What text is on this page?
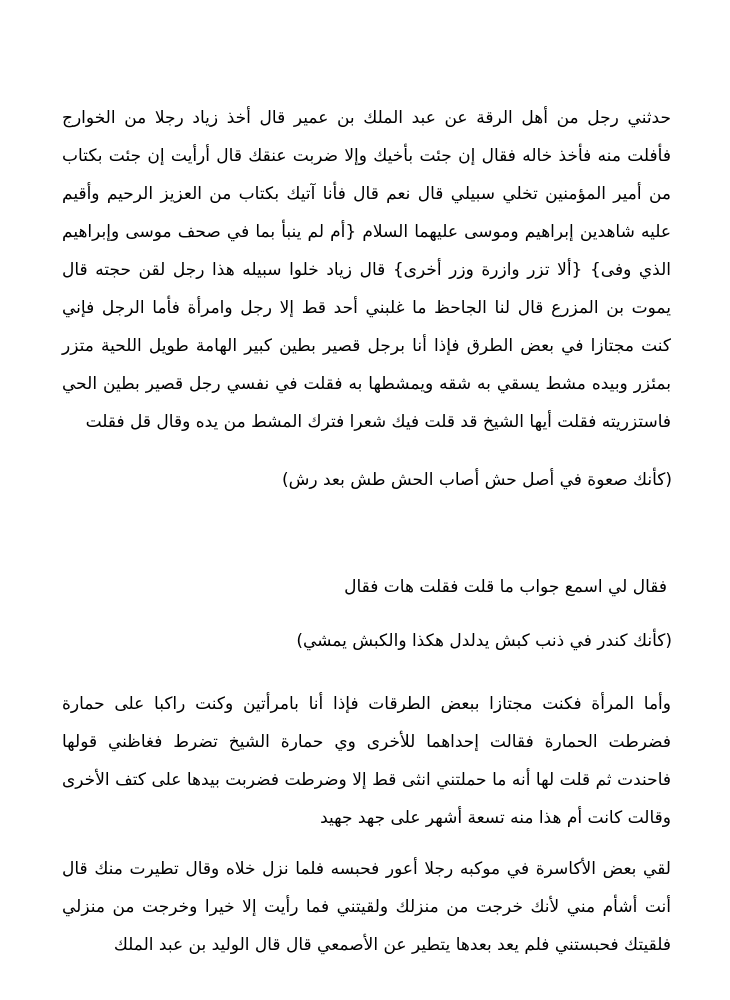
حدثني رجل من أهل الرقة عن عبد الملك بن عمير قال أخذ زياد رجلا من الخوارج فأفلت منه فأخذ خاله فقال إن جئت بأخيك وإلا ضربت عنقك قال أرأيت إن جئت بكتاب من أمير المؤمنين تخلي سبيلي قال نعم قال فأنا آتيك بكتاب من العزيز الرحيم وأقيم عليه شاهدين إبراهيم وموسى عليهما السلام {أم لم ينبأ بما في صحف موسى وإبراهيم الذي وفى} {ألا تزر وازرة وزر أخرى} قال زياد خلوا سبيله هذا رجل لقن حجته قال يموت بن المزرع قال لنا الجاحظ ما غلبني أحد قط إلا رجل وامرأة فأما الرجل فإني كنت مجتازا في بعض الطرق فإذا أنا برجل قصير بطين كبير الهامة طويل اللحية متزر بمئزر وبيده مشط يسقي به شقه ويمشطها به فقلت في نفسي رجل قصير بطين الحي فاستزريته فقلت أيها الشيخ قد قلت فيك شعرا فترك المشط من يده وقال قل فقلت

(كأنك صعوة في أصل حش أصاب الحش طش بعد رش)

فقال لي اسمع جواب ما قلت فقلت هات فقال

(كأنك كندر في ذنب كبش يدلدل هكذا والكبش يمشي)

وأما المرأة فكنت مجتازا ببعض الطرقات فإذا أنا بامرأتين وكنت راكبا على حمارة فضرطت الحمارة فقالت إحداهما للأخرى وي حمارة الشيخ تضرط فغاظني قولها فاحندت ثم قلت لها أنه ما حملتني انثى قط إلا وضرطت فضربت بيدها على كتف الأخرى وقالت كانت أم هذا منه تسعة أشهر على جهد جهيد

لقي بعض الأكاسرة في موكبه رجلا أعور فحبسه فلما نزل خلاه وقال تطيرت منك قال أنت أشأم مني لأنك خرجت من منزلك ولقيتني فما رأيت إلا خيرا وخرجت من منزلي فلقيتك فحبستني فلم يعد بعدها يتطير عن الأصمعي قال قال الوليد بن عبد الملك
